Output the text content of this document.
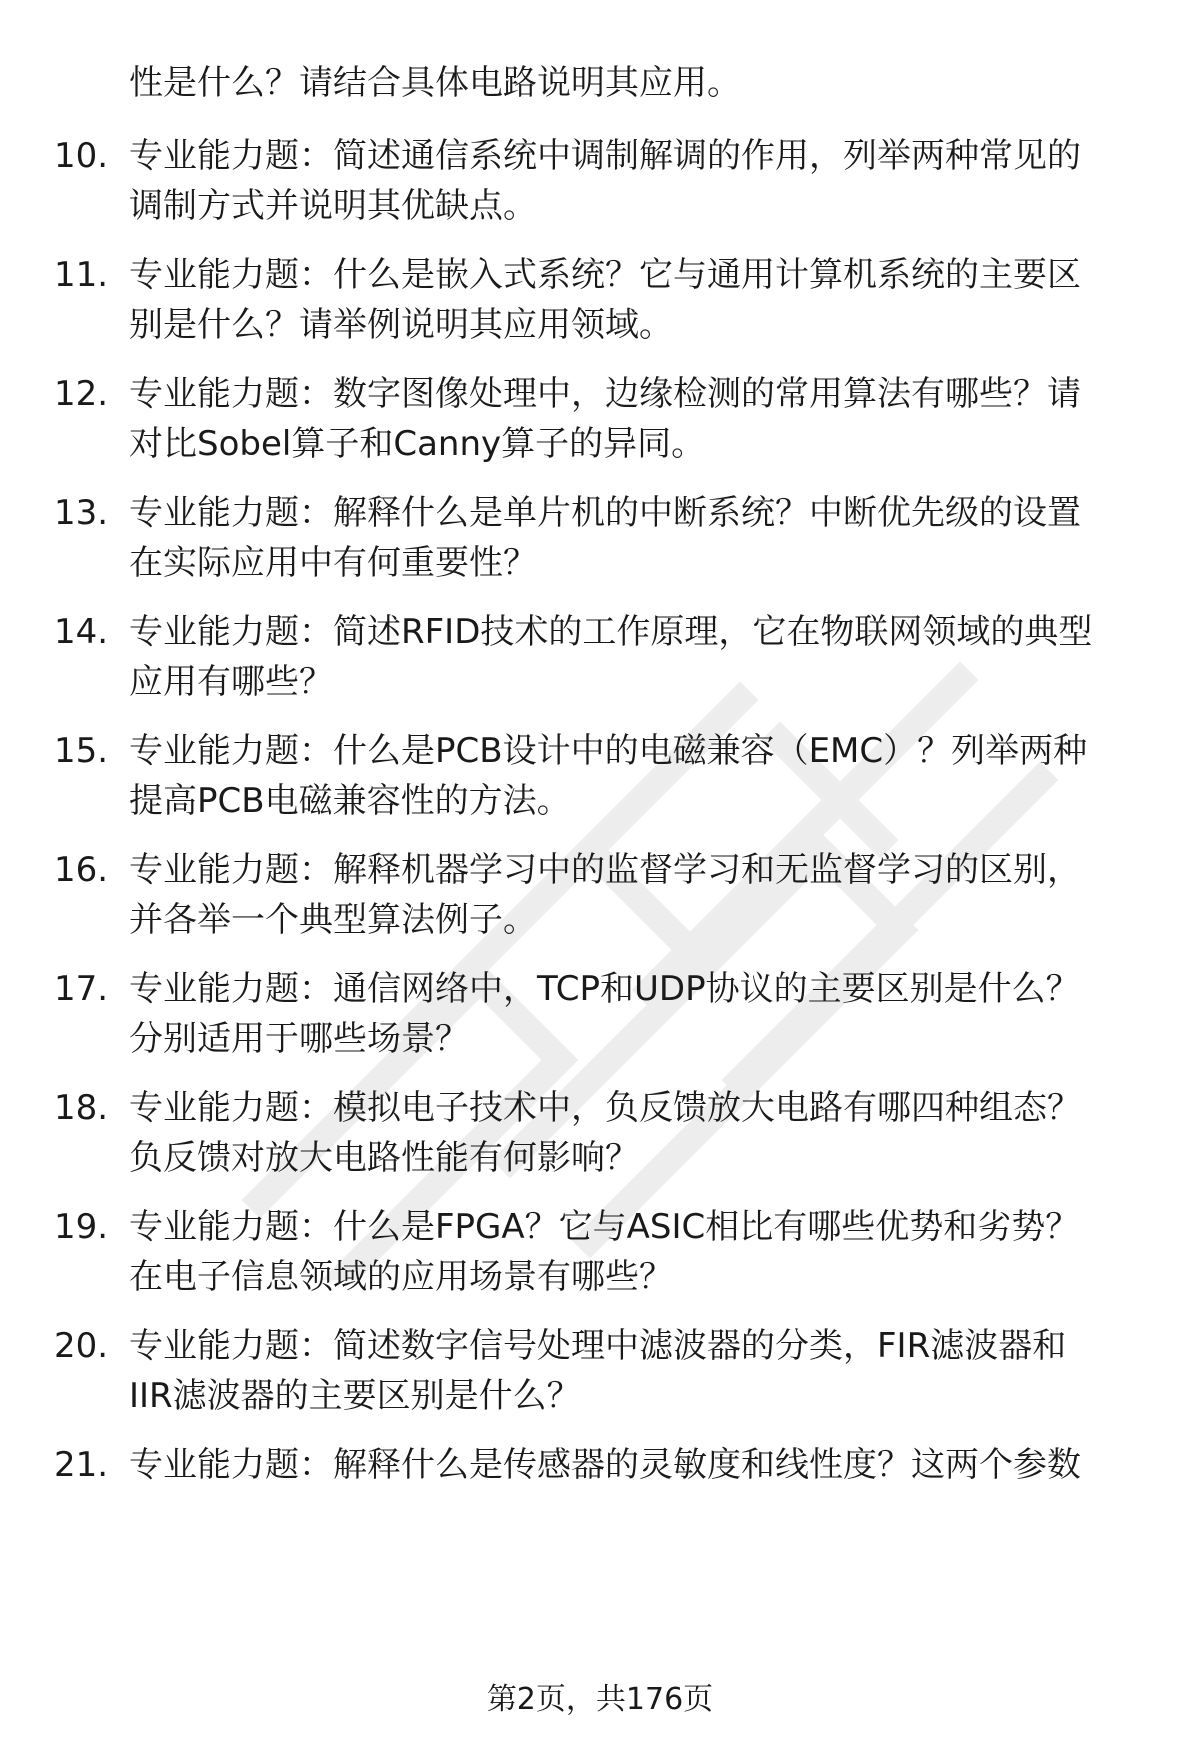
性是什么？请结合具体电路说明其应用。
10. 专业能力题：简述通信系统中调制解调的作用，列举两种常见的
调制方式并说明其优缺点。
11. 专业能力题：什么是嵌入式系统？它与通用计算机系统的主要区
别是什么？请举例说明其应用领域。
12. 专业能力题：数字图像处理中，边缘检测的常用算法有哪些？请
对比Sobel算子和Canny算子的异同。
13. 专业能力题：解释什么是单片机的中断系统？中断优先级的设置
在实际应用中有何重要性？
14. 专业能力题：简述RFID技术的工作原理，它在物联网领域的典型
应用有哪些？
15. 专业能力题：什么是PCB设计中的电磁兼容（EMC）？列举两种
提高PCB电磁兼容性的方法。
16. 专业能力题：解释机器学习中的监督学习和无监督学习的区别，
并各举一个典型算法例子。
17. 专业能力题：通信网络中，TCP和UDP协议的主要区别是什么？
分别适用于哪些场景？
18. 专业能力题：模拟电子技术中，负反馈放大电路有哪四种组态？
负反馈对放大电路性能有何影响？
19. 专业能力题：什么是FPGA？它与ASIC相比有哪些优势和劣势？
在电子信息领域的应用场景有哪些？
20. 专业能力题：简述数字信号处理中滤波器的分类，FIR滤波器和
IIR滤波器的主要区别是什么？
21. 专业能力题：解释什么是传感器的灵敏度和线性度？这两个参数
第2页，共176页
